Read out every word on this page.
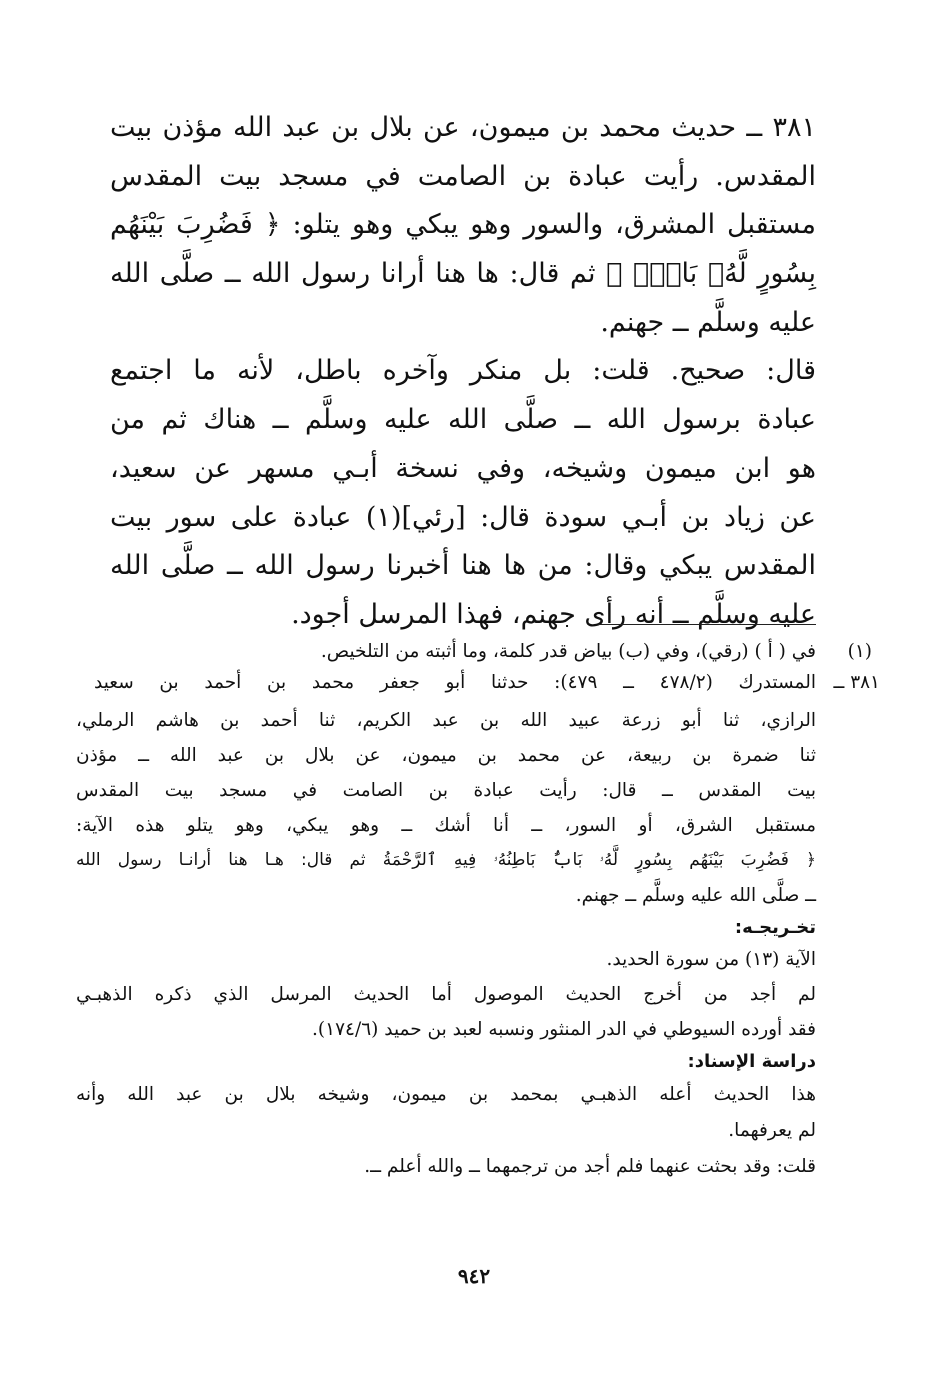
٣٨١ ــ حديث محمد بن ميمون، عن بلال بن عبد الله مؤذن بيت
المقدس. رأيت عبادة بن الصامت في مسجد بيت المقدس
مستقبل المشرق، والسور وهو يبكي وهو يتلو: ﴿ فَضُرِبَ بَيْنَهُم
بِسُورٍ لَّهُۥ بَابٌۢ ﴾ ثم قال: ها هنا أرانا رسول الله ــ صلَّى الله
عليه وسلَّم ــ جهنم.
قال: صحيح. قلت: بل منكر وآخره باطل، لأنه ما اجتمع
عبادة برسول الله ــ صلَّى الله عليه وسلَّم ــ هناك ثم من
هو ابن ميمون وشيخه، وفي نسخة أبـي مسهر عن سعيد،
عن زياد بن أبـي سودة قال: [رئي](١) عبادة على سور بيت
المقدس يبكي وقال: من ها هنا أخبرنا رسول الله ــ صلَّى الله
عليه وسلَّم ــ أنه رأى جهنم، فهذا المرسل أجود.
(١)
في ( أ ) (رقي)، وفي (ب) بياض قدر كلمة، وما أثبته من التلخيص.
٣٨١ ــ
المستدرك (٤٧٨/٢ ــ ٤٧٩): حدثنا أبو جعفر محمد بن أحمد بن سعيد
الرازي، ثنا أبو زرعة عبيد الله بن عبد الكريم، ثنا أحمد بن هاشم الرملي،
ثنا ضمرة بن ربيعة، عن محمد بن ميمون، عن بلال بن عبد الله ــ مؤذن
بيت المقدس ــ قال: رأيت عبادة بن الصامت في مسجد بيت المقدس
مستقبل الشرق، أو السور، ــ أنا أشك ــ وهو يبكي، وهو يتلو هذه الآية:
﴿ فَضُرِبَ بَيْنَهُم بِسُورٍ لَّهُۥ بَابٌۢ بَاطِنُهُۥ فِيهِ ٱلرَّحْمَةُ ثم قال: هـا هنا أرانـا رسول الله
ــ صلَّى الله عليه وسلَّم ــ جهنم.
تخـريجـه:
الآية (١٣) من سورة الحديد.
لم أجد من أخرج الحديث الموصول أما الحديث المرسل الذي ذكره الذهبـي
فقد أورده السيوطي في الدر المنثور ونسبه لعبد بن حميد (١٧٤/٦).
دراسة الإسناد:
هذا الحديث أعله الذهبـي بمحمد بن ميمون، وشيخه بلال بن عبد الله وأنه
لم يعرفهما.
قلت: وقد بحثت عنهما فلم أجد من ترجمهما ــ والله أعلم ــ.
٩٤٢
